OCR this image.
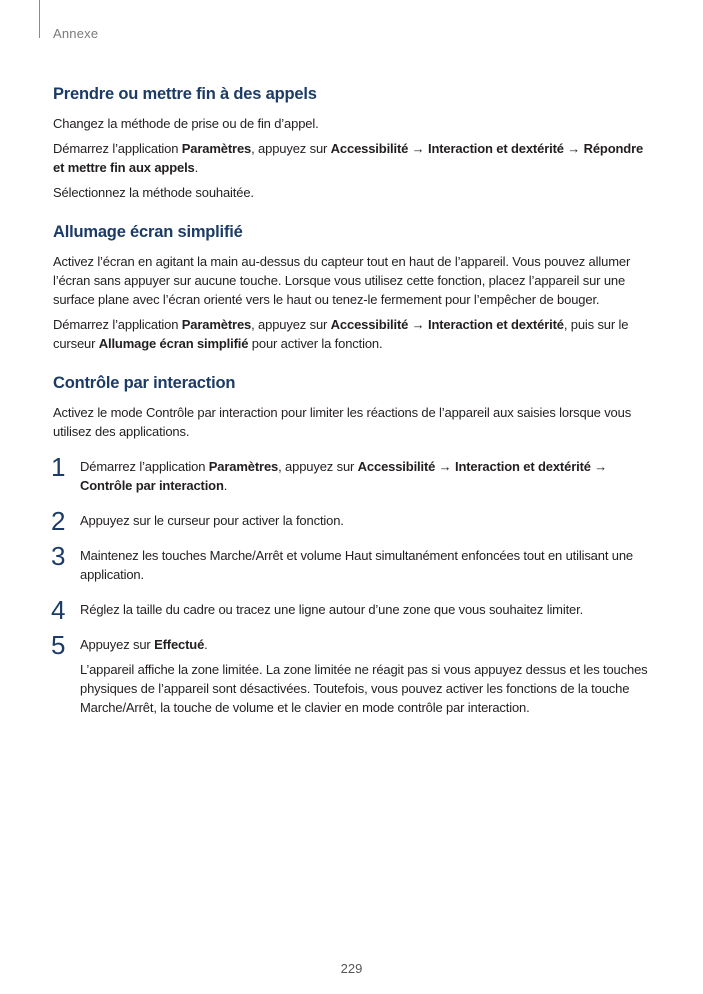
Annexe
Prendre ou mettre fin à des appels

Changez la méthode de prise ou de fin d’appel.

Démarrez l’application Paramètres, appuyez sur Accessibilité → Interaction et dextérité → Répondre et mettre fin aux appels.

Sélectionnez la méthode souhaitée.

Allumage écran simplifié

Activez l’écran en agitant la main au-dessus du capteur tout en haut de l’appareil. Vous pouvez allumer l’écran sans appuyer sur aucune touche. Lorsque vous utilisez cette fonction, placez l’appareil sur une surface plane avec l’écran orienté vers le haut ou tenez-le fermement pour l’empêcher de bouger.

Démarrez l’application Paramètres, appuyez sur Accessibilité → Interaction et dextérité, puis sur le curseur Allumage écran simplifié pour activer la fonction.

Contrôle par interaction

Activez le mode Contrôle par interaction pour limiter les réactions de l’appareil aux saisies lorsque vous utilisez des applications.

1 Démarrez l’application Paramètres, appuyez sur Accessibilité → Interaction et dextérité → Contrôle par interaction.

2 Appuyez sur le curseur pour activer la fonction.

3 Maintenez les touches Marche/Arrêt et volume Haut simultanément enfoncées tout en utilisant une application.

4 Réglez la taille du cadre ou tracez une ligne autour d’une zone que vous souhaitez limiter.

5 Appuyez sur Effectué.

L’appareil affiche la zone limitée. La zone limitée ne réagit pas si vous appuyez dessus et les touches physiques de l’appareil sont désactivées. Toutefois, vous pouvez activer les fonctions de la touche Marche/Arrêt, la touche de volume et le clavier en mode contrôle par interaction.

229
